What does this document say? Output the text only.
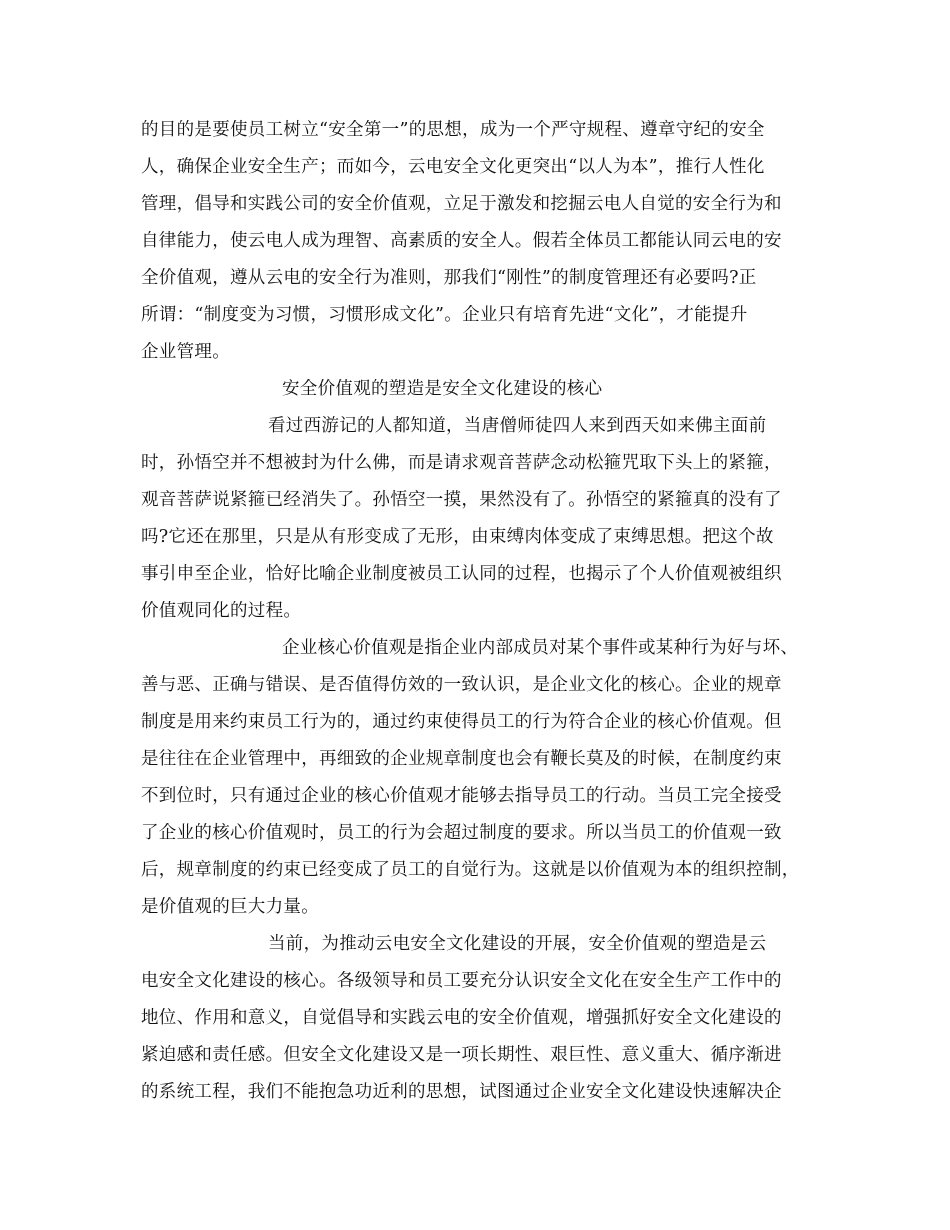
的目的是要使员工树立“安全第一”的思想，成为一个严守规程、遵章守纪的安全
人，确保企业安全生产；而如今，云电安全文化更突出“以人为本”，推行人性化
管理，倡导和实践公司的安全价值观，立足于激发和挖掘云电人自觉的安全行为和
自律能力，使云电人成为理智、高素质的安全人。假若全体员工都能认同云电的安
全价值观，遵从云电的安全行为准则，那我们“刚性”的制度管理还有必要吗?正
所谓：“制度变为习惯，习惯形成文化”。企业只有培育先进“文化”，才能提升
企业管理。
安全价值观的塑造是安全文化建设的核心
看过西游记的人都知道，当唐僧师徒四人来到西天如来佛主面前
时，孙悟空并不想被封为什么佛，而是请求观音菩萨念动松箍咒取下头上的紧箍，
观音菩萨说紧箍已经消失了。孙悟空一摸，果然没有了。孙悟空的紧箍真的没有了
吗?它还在那里，只是从有形变成了无形，由束缚肉体变成了束缚思想。把这个故
事引申至企业，恰好比喻企业制度被员工认同的过程，也揭示了个人价值观被组织
价值观同化的过程。
企业核心价值观是指企业内部成员对某个事件或某种行为好与坏、
善与恶、正确与错误、是否值得仿效的一致认识，是企业文化的核心。企业的规章
制度是用来约束员工行为的，通过约束使得员工的行为符合企业的核心价值观。但
是往往在企业管理中，再细致的企业规章制度也会有鞭长莫及的时候，在制度约束
不到位时，只有通过企业的核心价值观才能够去指导员工的行动。当员工完全接受
了企业的核心价值观时，员工的行为会超过制度的要求。所以当员工的价值观一致
后，规章制度的约束已经变成了员工的自觉行为。这就是以价值观为本的组织控制，
是价值观的巨大力量。
当前，为推动云电安全文化建设的开展，安全价值观的塑造是云
电安全文化建设的核心。各级领导和员工要充分认识安全文化在安全生产工作中的
地位、作用和意义，自觉倡导和实践云电的安全价值观，增强抓好安全文化建设的
紧迫感和责任感。但安全文化建设又是一项长期性、艰巨性、意义重大、循序渐进
的系统工程，我们不能抱急功近利的思想，试图通过企业安全文化建设快速解决企
